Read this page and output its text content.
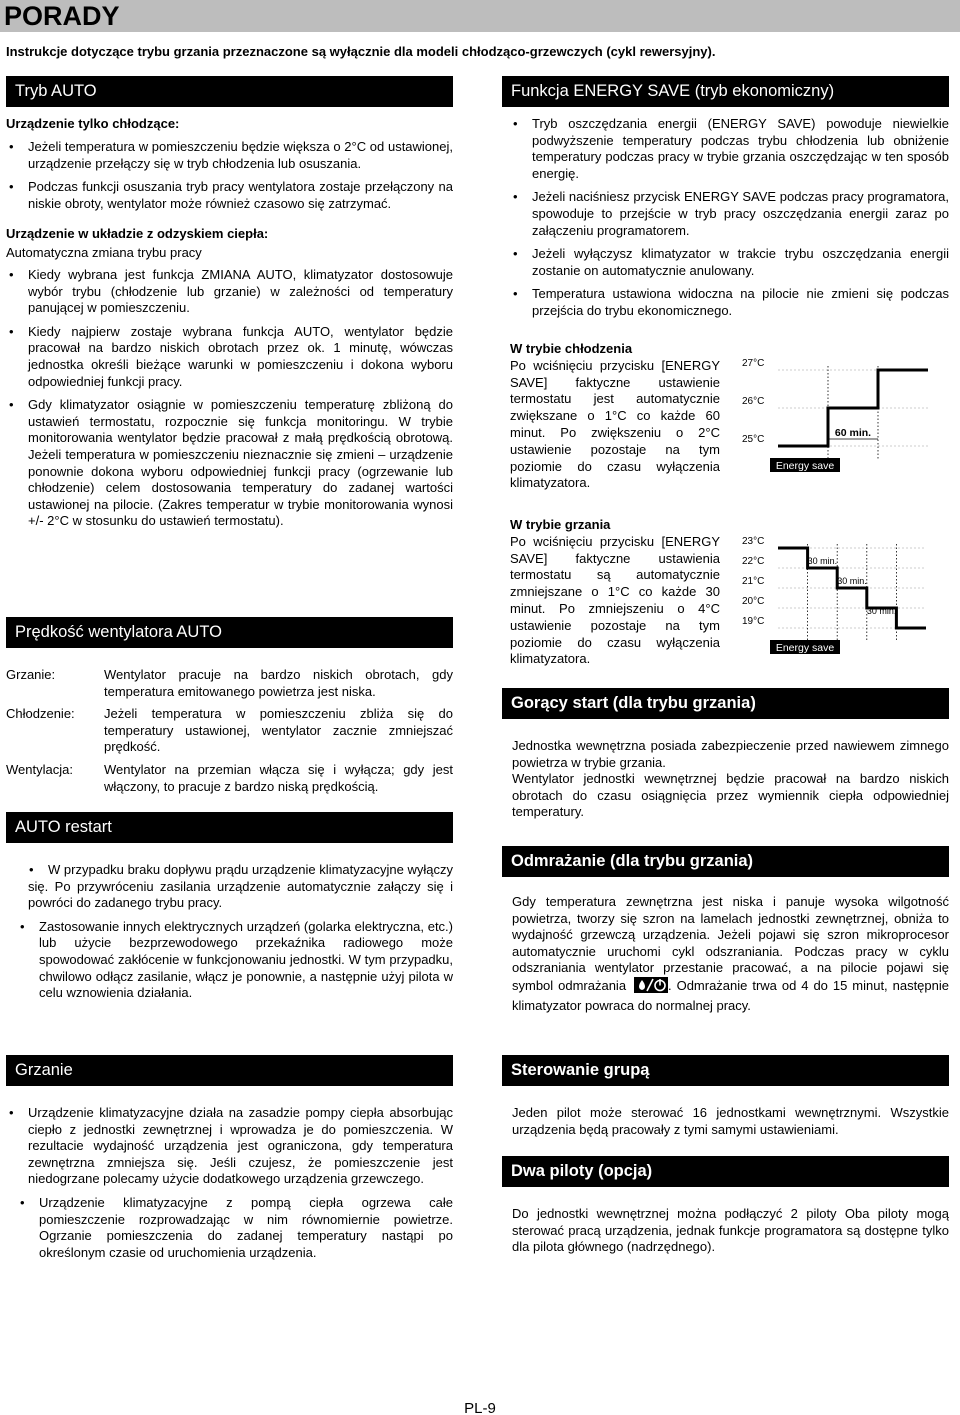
PORADY
Instrukcje dotyczące trybu grzania przeznaczone są wyłącznie dla modeli chłodząco-grzewczych (cykl rewersyjny).
Tryb AUTO
Urządzenie tylko chłodzące:
• Jeżeli temperatura w pomieszczeniu będzie większa o 2°C od ustawionej, urządzenie przełączy się w tryb chłodzenia lub osuszania.
• Podczas funkcji osuszania tryb pracy wentylatora zostaje przełączony na niskie obroty, wentylator może również czasowo się zatrzymać.
Urządzenie w układzie z odzyskiem ciepła:
Automatyczna zmiana trybu pracy
• Kiedy wybrana jest funkcja ZMIANA AUTO, klimatyzator dostosowuje wybór trybu (chłodzenie lub grzanie) w zależności od temperatury panującej w pomieszczeniu.
• Kiedy najpierw zostaje wybrana funkcja AUTO, wentylator będzie pracował na bardzo niskich obrotach przez ok. 1 minutę, wówczas jednostka określi bieżące warunki w pomieszczeniu i dokona wyboru odpowiedniej funkcji pracy.
• Gdy klimatyzator osiągnie w pomieszczeniu temperaturę zbliżoną do ustawień termostatu, rozpocznie się funkcja monitoringu. W trybie monitorowania wentylator będzie pracował z małą prędkością obrotową. Jeżeli temperatura w pomieszczeniu nieznacznie się zmieni – urządzenie ponownie dokona wyboru odpowiedniej funkcji pracy (ogrzewanie lub chłodzenie) celem dostosowania temperatury do zadanej wartości ustawionej na pilocie. (Zakres temperatur w trybie monitorowania wynosi +/- 2°C w stosunku do ustawień termostatu).
Prędkość wentylatora AUTO
Grzanie:	Wentylator pracuje na bardzo niskich obrotach, gdy temperatura emitowanego powietrza jest niska.
Chłodzenie:	Jeżeli temperatura w pomieszczeniu zbliża się do temperatury ustawionej, wentylator zacznie zmniejszać prędkość.
Wentylacja:	Wentylator na przemian włącza się i wyłącza; gdy jest włączony, to pracuje z bardzo niską prędkością.
AUTO restart
• W przypadku braku dopływu prądu urządzenie klimatyzacyjne wyłączy się. Po przywróceniu zasilania urządzenie automatycznie załączy się i powróci do zadanego trybu pracy.
• Zastosowanie innych elektrycznych urządzeń (golarka elektryczna, etc.) lub użycie bezprzewodowego przekaźnika radiowego może spowodować zakłócenie w funkcjonowaniu jednostki. W tym przypadku, chwilowo odłącz zasilanie, włącz je ponownie, a następnie użyj pilota w celu wznowienia działania.
Grzanie
• Urządzenie klimatyzacyjne działa na zasadzie pompy ciepła absorbując ciepło z jednostki zewnętrznej i wprowadza je do pomieszczenia. W rezultacie wydajność urządzenia jest ograniczona, gdy temperatura zewnętrzna zmniejsza się. Jeśli czujesz, że pomieszczenie jest niedogrzane polecamy użycie dodatkowego urządzenia grzewczego.
• Urządzenie klimatyzacyjne z pompą ciepła ogrzewa całe pomieszczenie rozprowadzając w nim równomiernie powietrze. Ogrzanie pomieszczenia do zadanej temperatury nastąpi po określonym czasie od uruchomienia urządzenia.
Funkcja ENERGY SAVE (tryb ekonomiczny)
• Tryb oszczędzania energii (ENERGY SAVE) powoduje niewielkie podwyższenie temperatury podczas trybu chłodzenia lub obniżenie temperatury podczas pracy w trybie grzania oszczędzając w ten sposób energię.
• Jeżeli naciśniesz przycisk ENERGY SAVE podczas pracy programatora, spowoduje to przejście w tryb pracy oszczędzania energii zaraz po załączeniu programatorem.
• Jeżeli wyłączysz klimatyzator w trakcie trybu oszczędzania energii zostanie on automatycznie anulowany.
• Temperatura ustawiona widoczna na pilocie nie zmieni się podczas przejścia do trybu ekonomicznego.
W trybie chłodzenia
Po wciśnięciu przycisku [ENERGY SAVE] faktyczne ustawienie termostatu jest automatycznie zwiększane o 1°C co każde 60 minut. Po zwiększeniu o 2°C ustawienie pozostaje na tym poziomie do czasu wyłączenia klimatyzatora.
27°C
26°C
25°C
60 min.
Energy save
W trybie grzania
Po wciśnięciu przycisku [ENERGY SAVE] faktyczne ustawienia termostatu są automatycznie zmniejszane o 1°C co każde 30 minut. Po zmniejszeniu o 4°C ustawienie pozostaje na tym poziomie do czasu wyłączenia klimatyzatora.
23°C
22°C
21°C
20°C
19°C
30 min.
30 min.
30 min.
Energy save
Gorący start (dla trybu grzania)
Jednostka wewnętrzna posiada zabezpieczenie przed nawiewem zimnego powietrza w trybie grzania.
Wentylator jednostki wewnętrznej będzie pracował na bardzo niskich obrotach do czasu osiągnięcia przez wymiennik ciepła odpowiedniej temperatury.
Odmrażanie (dla trybu grzania)
Gdy temperatura zewnętrzna jest niska i panuje wysoka wilgotność powietrza, tworzy się szron na lamelach jednostki zewnętrznej, obniża to wydajność grzewczą urządzenia. Jeżeli pojawi się szron mikroprocesor automatycznie uruchomi cykl odszraniania. Podczas pracy w cyklu odszraniania wentylator przestanie pracować, a na pilocie pojawi się symbol odmrażania	. Odmrażanie trwa od 4 do 15 minut, następnie klimatyzator powraca do normalnej pracy.
Sterowanie grupą
Jeden pilot może sterować 16 jednostkami wewnętrznymi. Wszystkie urządzenia będą pracowały z tymi samymi ustawieniami.
Dwa piloty (opcja)
Do jednostki wewnętrznej można podłączyć 2 piloty Oba piloty mogą sterować pracą urządzenia, jednak funkcje programatora są dostępne tylko dla pilota głównego (nadrzędnego).
PL-9
